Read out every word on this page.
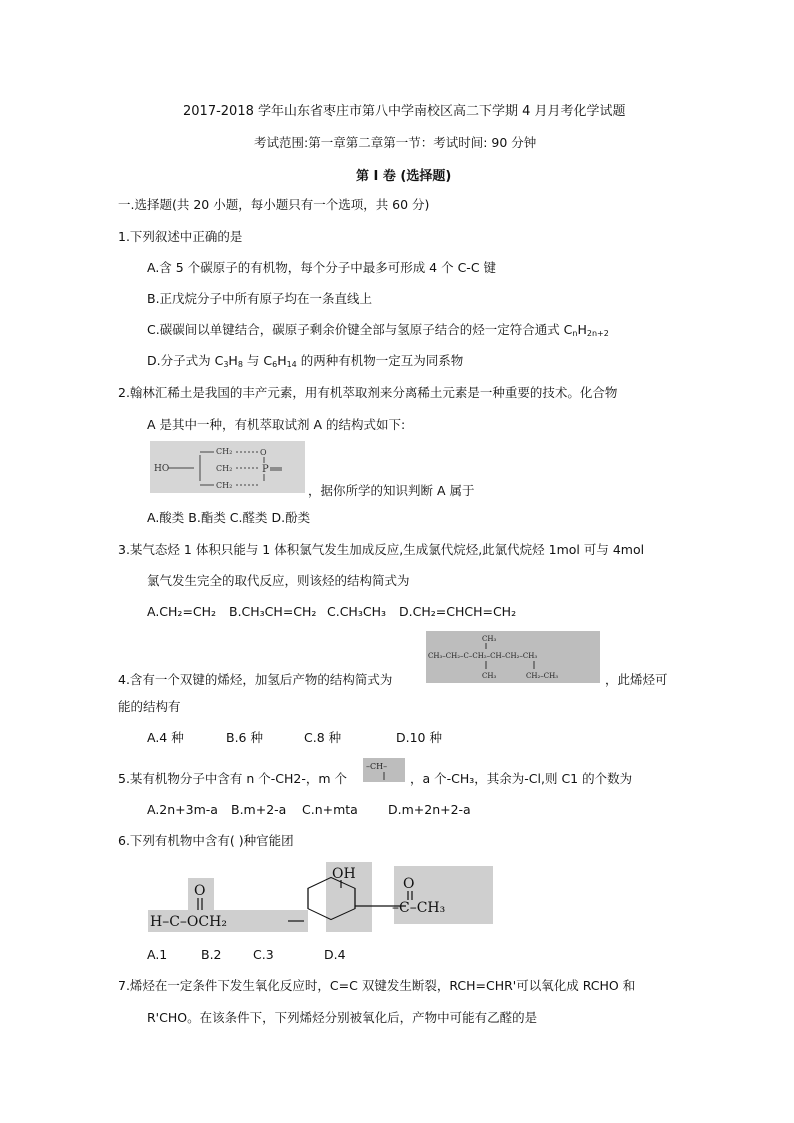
2017-2018 学年山东省枣庄市第八中学南校区高二下学期 4 月月考化学试题
考试范围:第一章第二章第一节：考试时间: 90 分钟
第 I 卷 (选择题)
一.选择题(共 20 小题，每小题只有一个选项，共 60 分)
1.下列叙述中正确的是
A.含 5 个碳原子的有机物，每个分子中最多可形成 4 个 C-C 键
B.正戊烷分子中所有原子均在一条直线上
C.碳碳间以单键结合，碳原子剩余价键全部与氢原子结合的烃一定符合通式 $C_nH_{2n+2}$
D.分子式为 $C_3H_8$ 与 $C_6H_{14}$ 的两种有机物一定互为同系物
2.翰林汇稀土是我国的丰产元素，用有机萃取剂来分离稀土元素是一种重要的技术。化合物
A 是其中一种，有机萃取试剂 A 的结构式如下:
HO
CH₂
CH₂
CH₂
O
P
，据你所学的知识判断 A 属于
A.酸类 B.酯类 C.醛类 D.酚类
3.某气态烃 1 体积只能与 1 体积氯气发生加成反应,生成氯代烷烃,此氯代烷烃 1mol 可与 4mol
氯气发生完全的取代反应，则该烃的结构简式为
A.CH₂=CH₂ B.CH₃CH=CH₂ C.CH₃CH₃ D.CH₂=CHCH=CH₂
CH₃
CH₃–CH₂–C–CH₂–CH–CH₂–CH₃
CH₃	CH₂–CH₃
4.含有一个双键的烯烃，加氢后产物的结构简式为	，此烯烃可
能的结构有
A.4 种	B.6 种	C.8 种	D.10 种
5.某有机物分子中含有 n 个-CH2-，m 个
–CH–
，a 个-CH₃，其余为-Cl,则 C1 的个数为
A.2n+3m-a B.m+2-a C.n+mta D.m+2n+2-a
6.下列有机物中含有( )种官能团
O
H–C–OCH₂
OH
O
–C–CH₃
A.1	B.2	C.3	D.4
7.烯烃在一定条件下发生氧化反应时，C=C 双键发生断裂，RCH=CHR'可以氧化成 RCHO 和
R'CHO。在该条件下，下列烯烃分别被氧化后，产物中可能有乙醛的是
